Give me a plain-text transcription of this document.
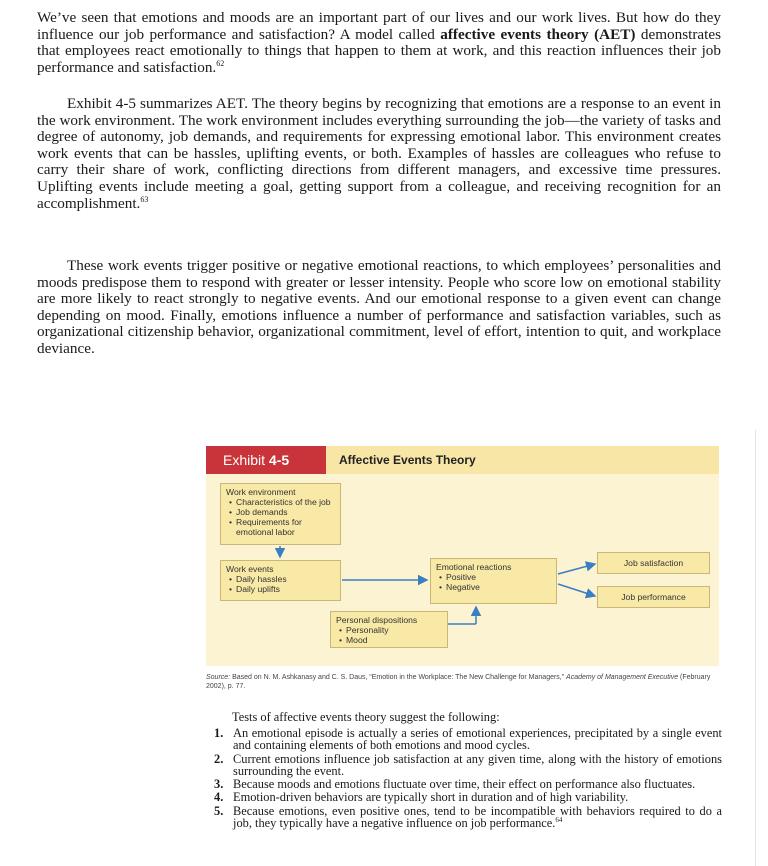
We’ve seen that emotions and moods are an important part of our lives and our work lives. But how do they influence our job performance and satisfaction? A model called affective events theory (AET) demonstrates that employees react emotionally to things that happen to them at work, and this reaction influences their job performance and satisfaction.$^{62}$

Exhibit 4-5 summarizes AET. The theory begins by recognizing that emotions are a response to an event in the work environment. The work environment includes everything surrounding the job—the variety of tasks and degree of autonomy, job demands, and requirements for expressing emotional labor. This environment creates work events that can be hassles, uplifting events, or both. Examples of hassles are colleagues who refuse to carry their share of work, conflicting directions from different managers, and excessive time pressures. Uplifting events include meeting a goal, getting support from a colleague, and receiving recognition for an accomplishment.$^{63}$

These work events trigger positive or negative emotional reactions, to which employees’ personalities and moods predispose them to respond with greater or lesser intensity. People who score low on emotional stability are more likely to react strongly to negative events. And our emotional response to a given event can change depending on mood. Finally, emotions influence a number of performance and satisfaction variables, such as organizational citizenship behavior, organizational commitment, level of effort, intention to quit, and workplace deviance.

Exhibit 4-5	Affective Events Theory
Work environment
• Characteristics of the job
• Job demands
• Requirements for emotional labor
Work events
• Daily hassles
• Daily uplifts
Emotional reactions
• Positive
• Negative
Personal dispositions
• Personality
• Mood
Job satisfaction
Job performance

Source: Based on N. M. Ashkanasy and C. S. Daus, “Emotion in the Workplace: The New Challenge for Managers,” Academy of Management Executive (February 2002), p. 77.

Tests of affective events theory suggest the following:

1. An emotional episode is actually a series of emotional experiences, precipitated by a single event and containing elements of both emotions and mood cycles.
2. Current emotions influence job satisfaction at any given time, along with the history of emotions surrounding the event.
3. Because moods and emotions fluctuate over time, their effect on performance also fluctuates.
4. Emotion-driven behaviors are typically short in duration and of high variability.
5. Because emotions, even positive ones, tend to be incompatible with behaviors required to do a job, they typically have a negative influence on job performance.$^{64}$
